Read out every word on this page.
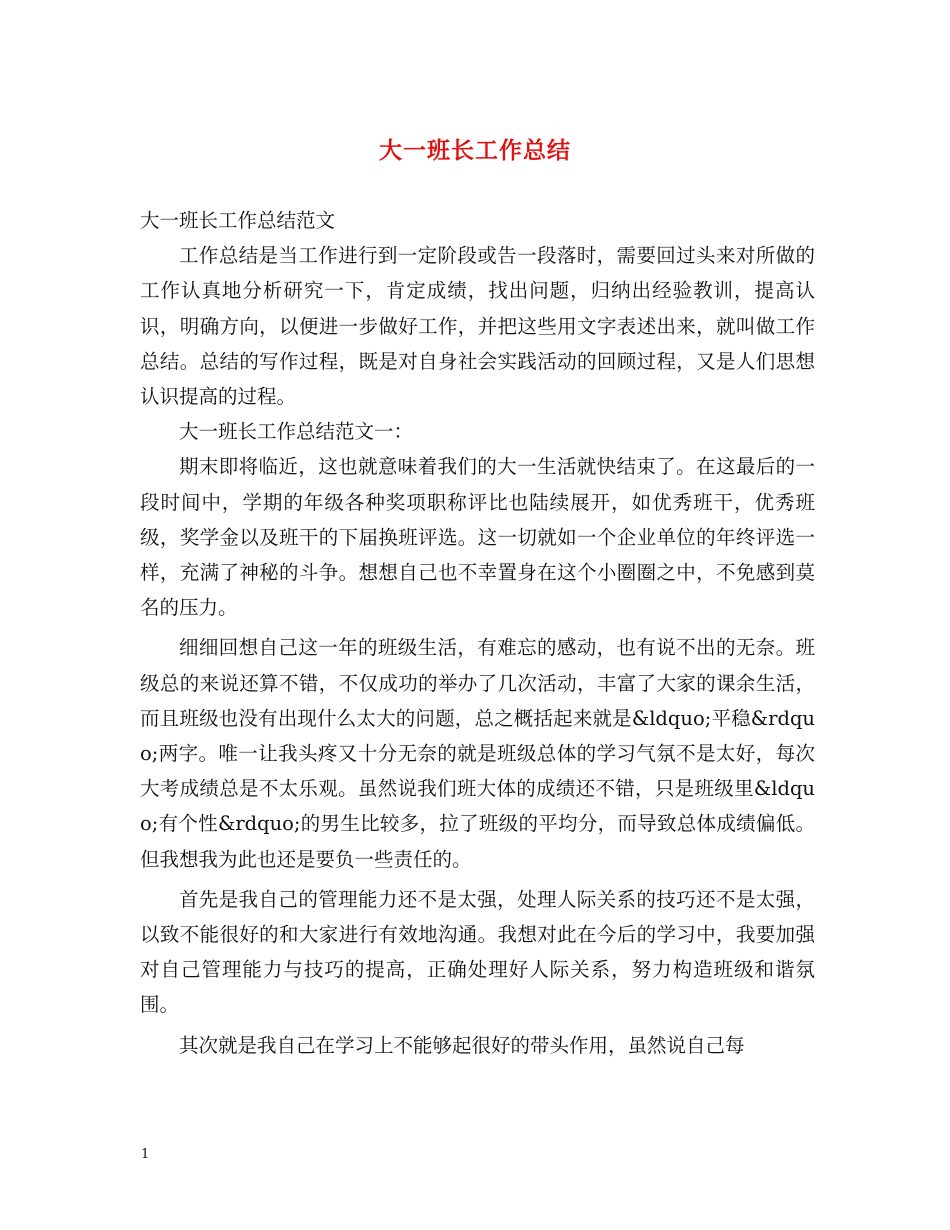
大一班长工作总结

大一班长工作总结范文

工作总结是当工作进行到一定阶段或告一段落时，需要回过头来对所做的工作认真地分析研究一下，肯定成绩，找出问题，归纳出经验教训，提高认识，明确方向，以便进一步做好工作，并把这些用文字表述出来，就叫做工作总结。总结的写作过程，既是对自身社会实践活动的回顾过程，又是人们思想认识提高的过程。

大一班长工作总结范文一：

期末即将临近，这也就意味着我们的大一生活就快结束了。在这最后的一段时间中，学期的年级各种奖项职称评比也陆续展开，如优秀班干，优秀班级，奖学金以及班干的下届换班评选。这一切就如一个企业单位的年终评选一样，充满了神秘的斗争。想想自己也不幸置身在这个小圈圈之中，不免感到莫名的压力。

细细回想自己这一年的班级生活，有难忘的感动，也有说不出的无奈。班级总的来说还算不错，不仅成功的举办了几次活动，丰富了大家的课余生活，而且班级也没有出现什么太大的问题，总之概括起来就是&ldquo;平稳&rdquo;两字。唯一让我头疼又十分无奈的就是班级总体的学习气氛不是太好，每次大考成绩总是不太乐观。虽然说我们班大体的成绩还不错，只是班级里&ldquo;有个性&rdquo;的男生比较多，拉了班级的平均分，而导致总体成绩偏低。但我想我为此也还是要负一些责任的。

首先是我自己的管理能力还不是太强，处理人际关系的技巧还不是太强，以致不能很好的和大家进行有效地沟通。我想对此在今后的学习中，我要加强对自己管理能力与技巧的提高，正确处理好人际关系，努力构造班级和谐氛围。

其次就是我自己在学习上不能够起很好的带头作用，虽然说自己每

1
